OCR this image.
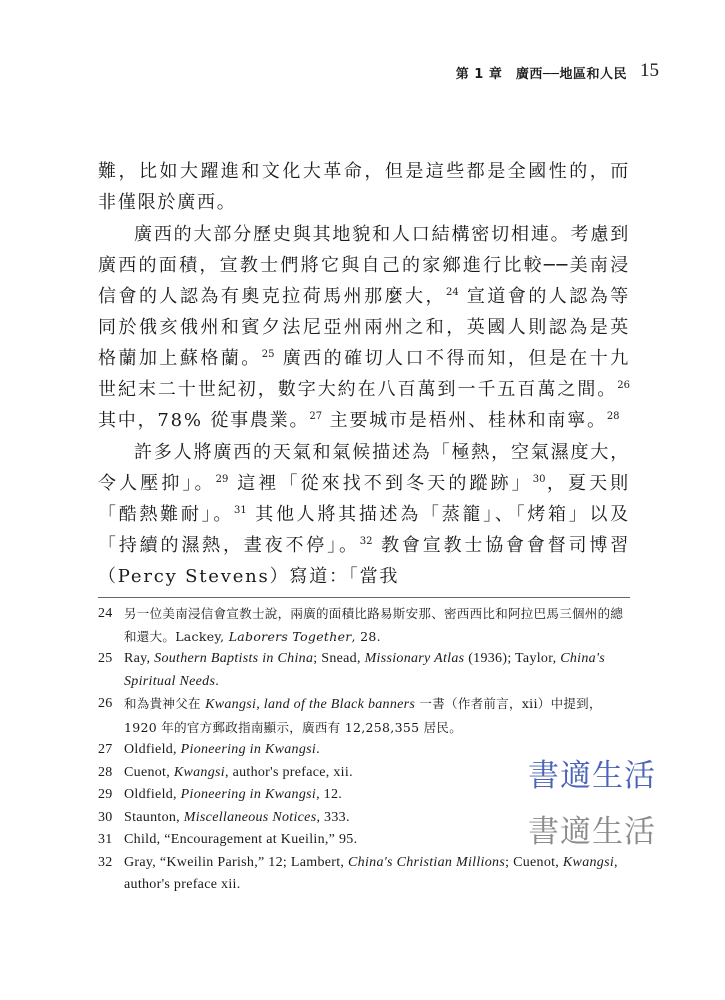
第 1 章　廣西──地區和人民 15

難，比如大躍進和文化大革命，但是這些都是全國性的，而非僅限於廣西。

廣西的大部分歷史與其地貌和人口結構密切相連。考慮到廣西的面積，宣教士們將它與自己的家鄉進行比較──美南浸信會的人認為有奧克拉荷馬州那麼大，$^{24}$ 宣道會的人認為等同於俄亥俄州和賓夕法尼亞州兩州之和，英國人則認為是英格蘭加上蘇格蘭。$^{25}$ 廣西的確切人口不得而知，但是在十九世紀末二十世紀初，數字大約在八百萬到一千五百萬之間。$^{26}$ 其中，78% 從事農業。$^{27}$ 主要城市是梧州、桂林和南寧。$^{28}$

許多人將廣西的天氣和氣候描述為「極熱，空氣濕度大，令人壓抑」。$^{29}$ 這裡「從來找不到冬天的蹤跡」$^{30}$，夏天則「酷熱難耐」。$^{31}$ 其他人將其描述為「蒸籠」、「烤箱」以及「持續的濕熱，晝夜不停」。$^{32}$ 教會宣教士協會會督司博習（Percy Stevens）寫道：「當我

24 另一位美南浸信會宣教士說，兩廣的面積比路易斯安那、密西西比和阿拉巴馬三個州的總和還大。Lackey, Laborers Together, 28.
25 Ray, Southern Baptists in China; Snead, Missionary Atlas (1936); Taylor, China's Spiritual Needs.
26 和為貴神父在 Kwangsi, land of the Black banners 一書（作者前言，xii）中提到，1920 年的官方郵政指南顯示，廣西有 12,258,355 居民。
27 Oldfield, Pioneering in Kwangsi.
28 Cuenot, Kwangsi, author's preface, xii.
29 Oldfield, Pioneering in Kwangsi, 12.
30 Staunton, Miscellaneous Notices, 333.
31 Child, “Encouragement at Kueilin,” 95.
32 Gray, “Kweilin Parish,” 12; Lambert, China's Christian Millions; Cuenot, Kwangsi, author's preface xii.
書適生活
書適生活
